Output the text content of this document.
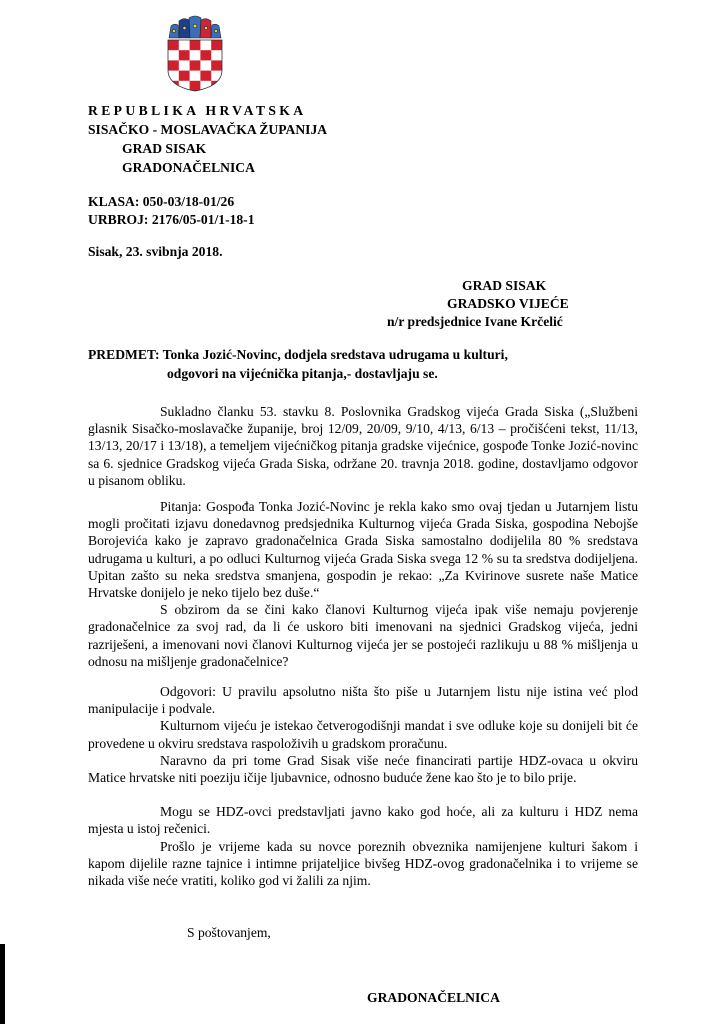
REPUBLIKA HRVATSKA
SISAČKO - MOSLAVAČKA ŽUPANIJA
GRAD SISAK
GRADONAČELNICA
KLASA: 050-03/18-01/26
URBROJ: 2176/05-01/1-18-1
Sisak, 23. svibnja 2018.
GRAD SISAK
GRADSKO VIJEĆE
n/r predsjednice Ivane Krčelić
PREDMET: Tonka Jozić-Novinc, dodjela sredstava udrugama u kulturi,
odgovori na vijećnička pitanja,- dostavljaju se.

Sukladno članku 53. stavku 8. Poslovnika Gradskog vijeća Grada Siska („Službeni glasnik Sisačko-moslavačke županije, broj 12/09, 20/09, 9/10, 4/13, 6/13 – pročišćeni tekst, 11/13, 13/13, 20/17 i 13/18), a temeljem vijećničkog pitanja gradske vijećnice, gospođe Tonke Jozić-novinc sa 6. sjednice Gradskog vijeća Grada Siska, održane 20. travnja 2018. godine, dostavljamo odgovor u pisanom obliku.

Pitanja: Gospođa Tonka Jozić-Novinc je rekla kako smo ovaj tjedan u Jutarnjem listu mogli pročitati izjavu donedavnog predsjednika Kulturnog vijeća Grada Siska, gospodina Nebojše Borojevića kako je zapravo gradonačelnica Grada Siska samostalno dodijelila 80 % sredstava udrugama u kulturi, a po odluci Kulturnog vijeća Grada Siska svega 12 % su ta sredstva dodijeljena. Upitan zašto su neka sredstva smanjena, gospodin je rekao: „Za Kvirinove susrete naše Matice Hrvatske donijelo je neko tijelo bez duše.“

S obzirom da se čini kako članovi Kulturnog vijeća ipak više nemaju povjerenje gradonačelnice za svoj rad, da li će uskoro biti imenovani na sjednici Gradskog vijeća, jedni razriješeni, a imenovani novi članovi Kulturnog vijeća jer se postojeći razlikuju u 88 % mišljenja u odnosu na mišljenje gradonačelnice?

Odgovori: U pravilu apsolutno ništa što piše u Jutarnjem listu nije istina već plod manipulacije i podvale.

Kulturnom vijeću je istekao četverogodišnji mandat i sve odluke koje su donijeli bit će provedene u okviru sredstava raspoloživih u gradskom proračunu.

Naravno da pri tome Grad Sisak više neće financirati partije HDZ-ovaca u okviru Matice hrvatske niti poeziju ičije ljubavnice, odnosno buduće žene kao što je to bilo prije.

Mogu se HDZ-ovci predstavljati javno kako god hoće, ali za kulturu i HDZ nema mjesta u istoj rečenici.

Prošlo je vrijeme kada su novce poreznih obveznika namijenjene kulturi šakom i kapom dijelile razne tajnice i intimne prijateljice bivšeg HDZ-ovog gradonačelnika i to vrijeme se nikada više neće vratiti, koliko god vi žalili za njim.

S poštovanjem,
GRADONAČELNICA
